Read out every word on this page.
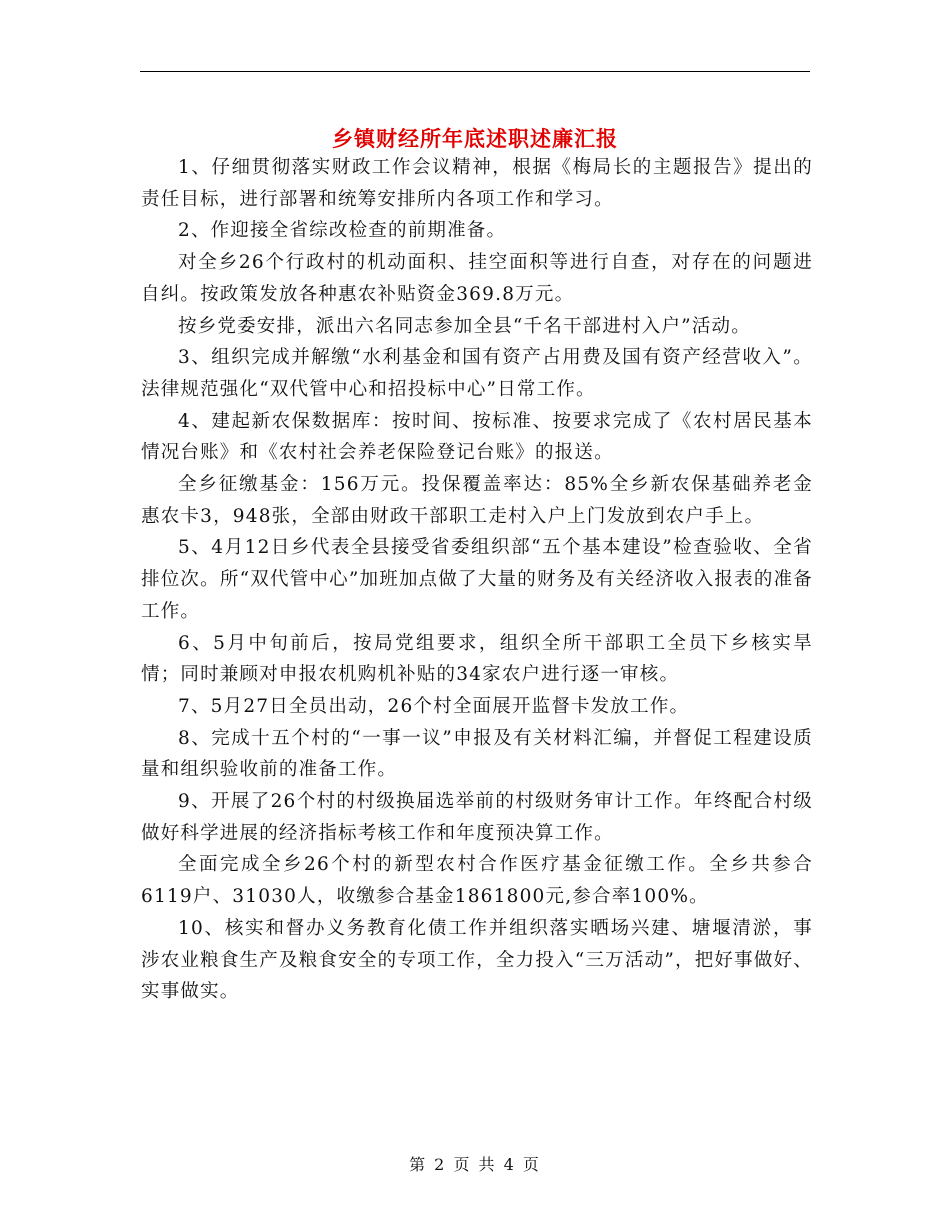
乡镇财经所年底述职述廉汇报

1、仔细贯彻落实财政工作会议精神，根据《梅局长的主题报告》提出的责任目标，进行部署和统筹安排所内各项工作和学习。

2、作迎接全省综改检查的前期准备。

对全乡26个行政村的机动面积、挂空面积等进行自查，对存在的问题进自纠。按政策发放各种惠农补贴资金369.8万元。

按乡党委安排，派出六名同志参加全县“千名干部进村入户”活动。

3、组织完成并解缴“水利基金和国有资产占用费及国有资产经营收入”。法律规范强化“双代管中心和招投标中心”日常工作。

4、建起新农保数据库：按时间、按标准、按要求完成了《农村居民基本情况台账》和《农村社会养老保险登记台账》的报送。

全乡征缴基金：156万元。投保覆盖率达：85%全乡新农保基础养老金惠农卡3，948张，全部由财政干部职工走村入户上门发放到农户手上。

5、4月12日乡代表全县接受省委组织部“五个基本建设”检查验收、全省排位次。所“双代管中心”加班加点做了大量的财务及有关经济收入报表的准备工作。

6、5月中旬前后，按局党组要求，组织全所干部职工全员下乡核实旱情；同时兼顾对申报农机购机补贴的34家农户进行逐一审核。

7、5月27日全员出动，26个村全面展开监督卡发放工作。

8、完成十五个村的“一事一议”申报及有关材料汇编，并督促工程建设质量和组织验收前的准备工作。

9、开展了26个村的村级换届选举前的村级财务审计工作。年终配合村级做好科学进展的经济指标考核工作和年度预决算工作。

全面完成全乡26个村的新型农村合作医疗基金征缴工作。全乡共参合6119户、31030人，收缴参合基金1861800元,参合率100%。

10、核实和督办义务教育化债工作并组织落实晒场兴建、塘堰清淤，事涉农业粮食生产及粮食安全的专项工作，全力投入“三万活动”，把好事做好、实事做实。

第 2 页 共 4 页
